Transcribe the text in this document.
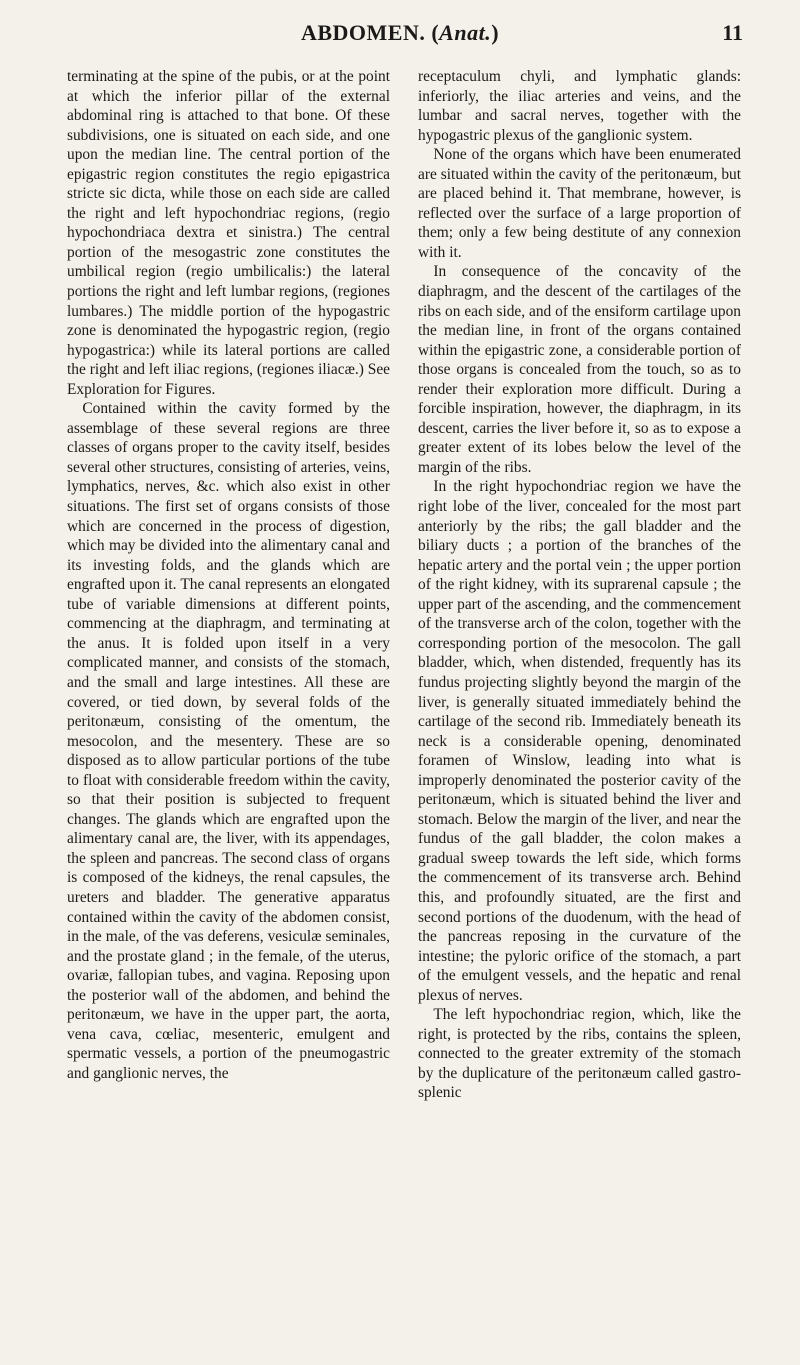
ABDOMEN. (Anat.)	11

terminating at the spine of the pubis, or at the point at which the inferior pillar of the external abdominal ring is attached to that bone. Of these subdivisions, one is situated on each side, and one upon the median line. The central portion of the epigastric region constitutes the regio epigastrica stricte sic dicta, while those on each side are called the right and left hypochondriac regions, (regio hypochondriaca dextra et sinistra.) The central portion of the mesogastric zone constitutes the umbilical region (regio umbilicalis:) the lateral portions the right and left lumbar regions, (regiones lumbares.) The middle portion of the hypogastric zone is denominated the hypogastric region, (regio hypogastrica:) while its lateral portions are called the right and left iliac regions, (regiones iliacæ.) See Exploration for Figures.

Contained within the cavity formed by the assemblage of these several regions are three classes of organs proper to the cavity itself, besides several other structures, consisting of arteries, veins, lymphatics, nerves, &c. which also exist in other situations. The first set of organs consists of those which are concerned in the process of digestion, which may be divided into the alimentary canal and its investing folds, and the glands which are engrafted upon it. The canal represents an elongated tube of variable dimensions at different points, commencing at the diaphragm, and terminating at the anus. It is folded upon itself in a very complicated manner, and consists of the stomach, and the small and large intestines. All these are covered, or tied down, by several folds of the peritonæum, consisting of the omentum, the mesocolon, and the mesentery. These are so disposed as to allow particular portions of the tube to float with considerable freedom within the cavity, so that their position is subjected to frequent changes. The glands which are engrafted upon the alimentary canal are, the liver, with its appendages, the spleen and pancreas. The second class of organs is composed of the kidneys, the renal capsules, the ureters and bladder. The generative apparatus contained within the cavity of the abdomen consist, in the male, of the vas deferens, vesiculæ seminales, and the prostate gland ; in the female, of the uterus, ovariæ, fallopian tubes, and vagina. Reposing upon the posterior wall of the abdomen, and behind the peritonæum, we have in the upper part, the aorta, vena cava, cœliac, mesenteric, emulgent and spermatic vessels, a portion of the pneumogastric and ganglionic nerves, the

receptaculum chyli, and lymphatic glands: inferiorly, the iliac arteries and veins, and the lumbar and sacral nerves, together with the hypogastric plexus of the ganglionic system.

None of the organs which have been enumerated are situated within the cavity of the peritonæum, but are placed behind it. That membrane, however, is reflected over the surface of a large proportion of them; only a few being destitute of any connexion with it.

In consequence of the concavity of the diaphragm, and the descent of the cartilages of the ribs on each side, and of the ensiform cartilage upon the median line, in front of the organs contained within the epigastric zone, a considerable portion of those organs is concealed from the touch, so as to render their exploration more difficult. During a forcible inspiration, however, the diaphragm, in its descent, carries the liver before it, so as to expose a greater extent of its lobes below the level of the margin of the ribs.

In the right hypochondriac region we have the right lobe of the liver, concealed for the most part anteriorly by the ribs; the gall bladder and the biliary ducts ; a portion of the branches of the hepatic artery and the portal vein ; the upper portion of the right kidney, with its suprarenal capsule ; the upper part of the ascending, and the commencement of the transverse arch of the colon, together with the corresponding portion of the mesocolon. The gall bladder, which, when distended, frequently has its fundus projecting slightly beyond the margin of the liver, is generally situated immediately behind the cartilage of the second rib. Immediately beneath its neck is a considerable opening, denominated foramen of Winslow, leading into what is improperly denominated the posterior cavity of the peritonæum, which is situated behind the liver and stomach. Below the margin of the liver, and near the fundus of the gall bladder, the colon makes a gradual sweep towards the left side, which forms the commencement of its transverse arch. Behind this, and profoundly situated, are the first and second portions of the duodenum, with the head of the pancreas reposing in the curvature of the intestine; the pyloric orifice of the stomach, a part of the emulgent vessels, and the hepatic and renal plexus of nerves.

The left hypochondriac region, which, like the right, is protected by the ribs, contains the spleen, connected to the greater extremity of the stomach by the duplicature of the peritonæum called gastro-splenic
